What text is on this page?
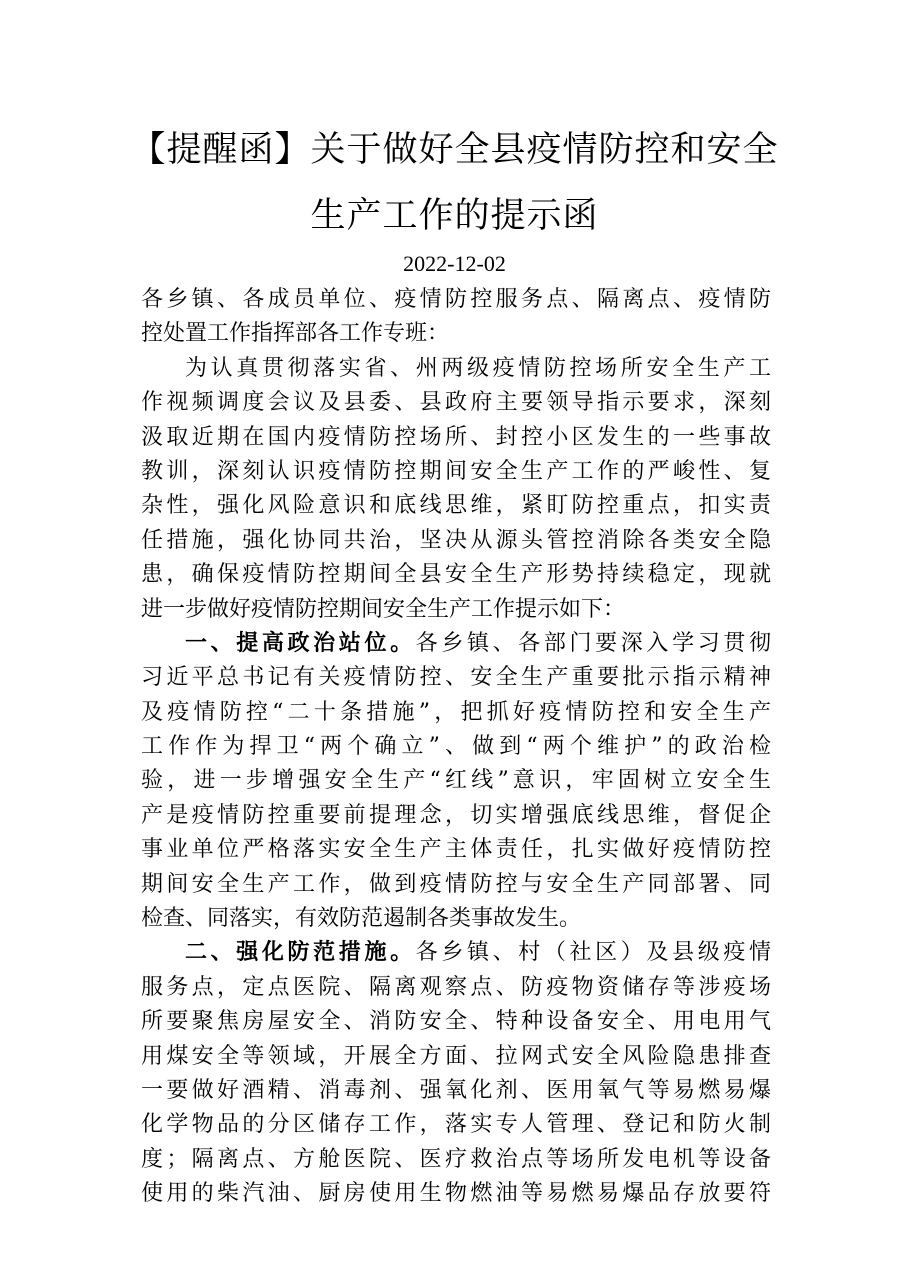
【提醒函】关于做好全县疫情防控和安全
生产工作的提示函
2022-12-02
各乡镇、各成员单位、疫情防控服务点、隔离点、疫情防
控处置工作指挥部各工作专班：
为认真贯彻落实省、州两级疫情防控场所安全生产工
作视频调度会议及县委、县政府主要领导指示要求，深刻
汲取近期在国内疫情防控场所、封控小区发生的一些事故
教训，深刻认识疫情防控期间安全生产工作的严峻性、复
杂性，强化风险意识和底线思维，紧盯防控重点，扣实责
任措施，强化协同共治，坚决从源头管控消除各类安全隐
患，确保疫情防控期间全县安全生产形势持续稳定，现就
进一步做好疫情防控期间安全生产工作提示如下：
一、提高政治站位。各乡镇、各部门要深入学习贯彻
习近平总书记有关疫情防控、安全生产重要批示指示精神
及疫情防控“二十条措施”，把抓好疫情防控和安全生产
工作作为捍卫“两个确立”、做到“两个维护”的政治检
验，进一步增强安全生产“红线”意识，牢固树立安全生
产是疫情防控重要前提理念，切实增强底线思维，督促企
事业单位严格落实安全生产主体责任，扎实做好疫情防控
期间安全生产工作，做到疫情防控与安全生产同部署、同
检查、同落实，有效防范遏制各类事故发生。
二、强化防范措施。各乡镇、村（社区）及县级疫情
服务点，定点医院、隔离观察点、防疫物资储存等涉疫场
所要聚焦房屋安全、消防安全、特种设备安全、用电用气
用煤安全等领域，开展全方面、拉网式安全风险隐患排查
一要做好酒精、消毒剂、强氧化剂、医用氧气等易燃易爆
化学物品的分区储存工作，落实专人管理、登记和防火制
度；隔离点、方舱医院、医疗救治点等场所发电机等设备
使用的柴汽油、厨房使用生物燃油等易燃易爆品存放要符
